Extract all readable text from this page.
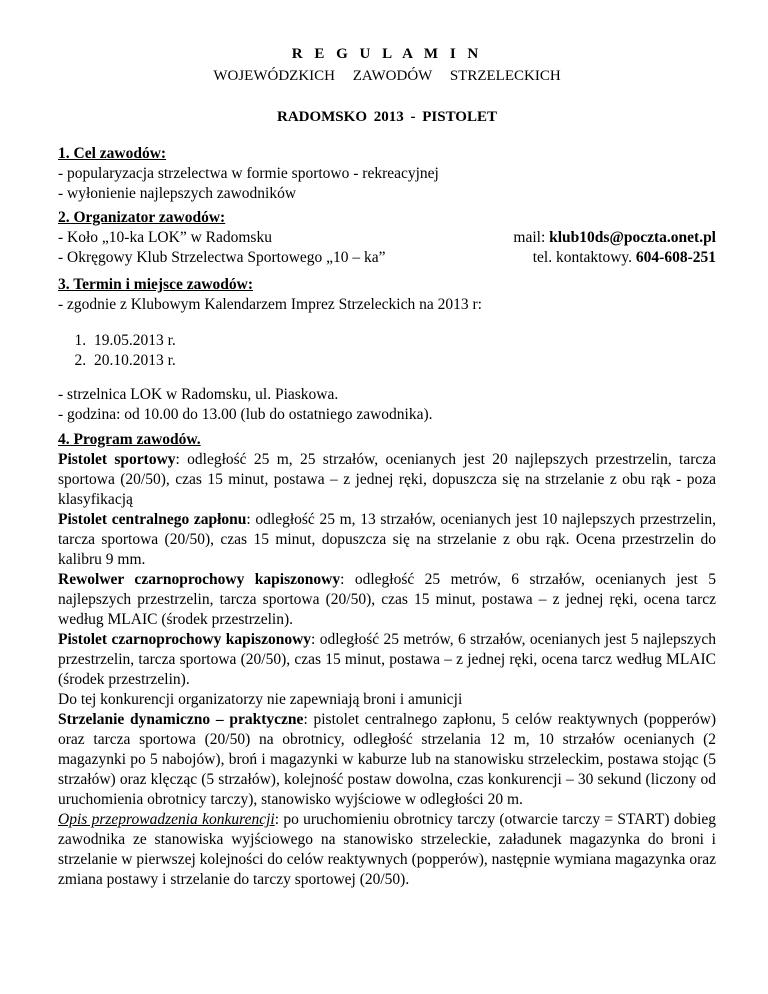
R E G U L A M I N
WOJEWÓDZKICH ZAWODÓW STRZELECKICH
RADOMSKO 2013 - PISTOLET
1. Cel zawodów:
- popularyzacja strzelectwa w formie sportowo - rekreacyjnej
- wyłonienie najlepszych zawodników
2. Organizator zawodów:
- Koło „10-ka LOK” w Radomsku	mail: klub10ds@poczta.onet.pl
- Okręgowy Klub Strzelectwa Sportowego „10 – ka”	tel. kontaktowy. 604-608-251
3. Termin i miejsce zawodów:
- zgodnie z Klubowym Kalendarzem Imprez Strzeleckich na 2013 r:
1. 19.05.2013 r.
2. 20.10.2013 r.
- strzelnica LOK w Radomsku, ul. Piaskowa.
- godzina: od 10.00 do 13.00 (lub do ostatniego zawodnika).
4. Program zawodów.
Pistolet sportowy: odległość 25 m, 25 strzałów, ocenianych jest 20 najlepszych przestrzelin, tarcza sportowa (20/50), czas 15 minut, postawa – z jednej ręki, dopuszcza się na strzelanie z obu rąk - poza klasyfikacją
Pistolet centralnego zapłonu: odległość 25 m, 13 strzałów, ocenianych jest 10 najlepszych przestrzelin, tarcza sportowa (20/50), czas 15 minut, dopuszcza się na strzelanie z obu rąk. Ocena przestrzelin do kalibru 9 mm.
Rewolwer czarnoprochowy kapiszonowy: odległość 25 metrów, 6 strzałów, ocenianych jest 5 najlepszych przestrzelin, tarcza sportowa (20/50), czas 15 minut, postawa – z jednej ręki, ocena tarcz według MLAIC (środek przestrzelin).
Pistolet czarnoprochowy kapiszonowy: odległość 25 metrów, 6 strzałów, ocenianych jest 5 najlepszych przestrzelin, tarcza sportowa (20/50), czas 15 minut, postawa – z jednej ręki, ocena tarcz według MLAIC (środek przestrzelin).
Do tej konkurencji organizatorzy nie zapewniają broni i amunicji
Strzelanie dynamiczno – praktyczne: pistolet centralnego zapłonu, 5 celów reaktywnych (popperów) oraz tarcza sportowa (20/50) na obrotnicy, odległość strzelania 12 m, 10 strzałów ocenianych (2 magazynki po 5 nabojów), broń i magazynki w kaburze lub na stanowisku strzeleckim, postawa stojąc (5 strzałów) oraz klęcząc (5 strzałów), kolejność postaw dowolna, czas konkurencji – 30 sekund (liczony od uruchomienia obrotnicy tarczy), stanowisko wyjściowe w odległości 20 m.
Opis przeprowadzenia konkurencji: po uruchomieniu obrotnicy tarczy (otwarcie tarczy = START) dobieg zawodnika ze stanowiska wyjściowego na stanowisko strzeleckie, załadunek magazynka do broni i strzelanie w pierwszej kolejności do celów reaktywnych (popperów), następnie wymiana magazynka oraz zmiana postawy i strzelanie do tarczy sportowej (20/50).
